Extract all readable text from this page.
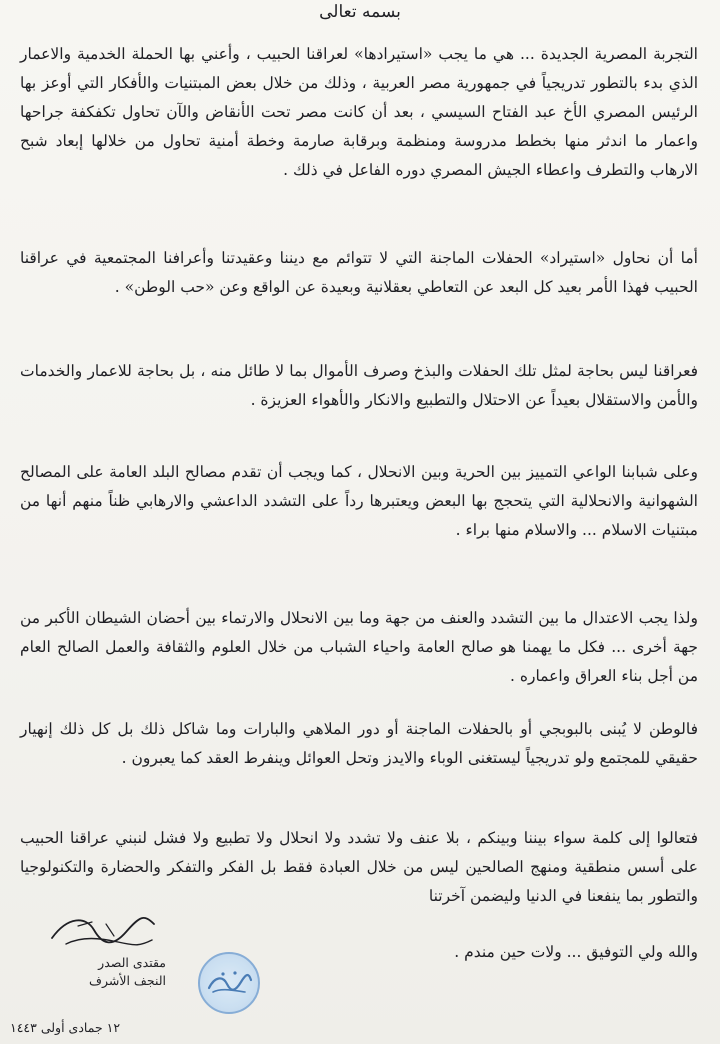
بسمه تعالى
التجربة المصرية الجديدة ... هي ما يجب «استيرادها» لعراقنا الحبيب ، وأعني بها الحملة الخدمية والاعمار الذي بدء بالتطور تدريجياً في جمهورية مصر العربية ، وذلك من خلال بعض المبتنيات والأفكار التي أوعز بها الرئيس المصري الأخ عبد الفتاح السيسي ، بعد أن كانت مصر تحت الأنقاض والآن تحاول تكفكفة جراحها واعمار ما اندثر منها بخطط مدروسة ومنظمة وبرقابة صارمة وخطة أمنية تحاول من خلالها إبعاد شبح الارهاب والتطرف واعطاء الجيش المصري دوره الفاعل في ذلك .
أما أن نحاول «استيراد» الحفلات الماجنة التي لا تتوائم مع ديننا وعقيدتنا وأعرافنا المجتمعية في عراقنا الحبيب فهذا الأمر بعيد كل البعد عن التعاطي بعقلانية وبعيدة عن الواقع وعن «حب الوطن» .
فعراقنا ليس بحاجة لمثل تلك الحفلات والبذخ وصرف الأموال بما لا طائل منه ، بل بحاجة للاعمار والخدمات والأمن والاستقلال بعيداً عن الاحتلال والتطبيع والانكار والأهواء العزيزة .
وعلى شبابنا الواعي التمييز بين الحرية وبين الانحلال ، كما ويجب أن تقدم مصالح البلد العامة على المصالح الشهوانية والانحلالية التي يتحجج بها البعض ويعتبرها رداً على التشدد الداعشي والارهابي ظناً منهم أنها من مبتنيات الاسلام ... والاسلام منها براء .
ولذا يجب الاعتدال ما بين التشدد والعنف من جهة وما بين الانحلال والارتماء بين أحضان الشيطان الأكبر من جهة أخرى ... فكل ما يهمنا هو صالح العامة واحياء الشباب من خلال العلوم والثقافة والعمل الصالح العام من أجل بناء العراق واعماره .
فالوطن لا يُبنى بالبوبجي أو بالحفلات الماجنة أو دور الملاهي والبارات وما شاكل ذلك بل كل ذلك إنهيار حقيقي للمجتمع ولو تدريجياً ليستغنى الوباء والايدز وتحل العوائل وينفرط العقد كما يعبرون .
فتعالوا إلى كلمة سواء بيننا وبينكم ، بلا عنف ولا تشدد ولا انحلال ولا تطبيع ولا فشل لنبني عراقنا الحبيب على أسس منطقية ومنهج الصالحين ليس من خلال العبادة فقط بل الفكر والتفكر والحضارة والتكنولوجيا والتطور بما ينفعنا في الدنيا وليضمن آخرتنا
والله ولي التوفيق ... ولات حين مندم .
مقتدى الصدر
النجف الأشرف
١٢ جمادى أولى ١٤٤٣
